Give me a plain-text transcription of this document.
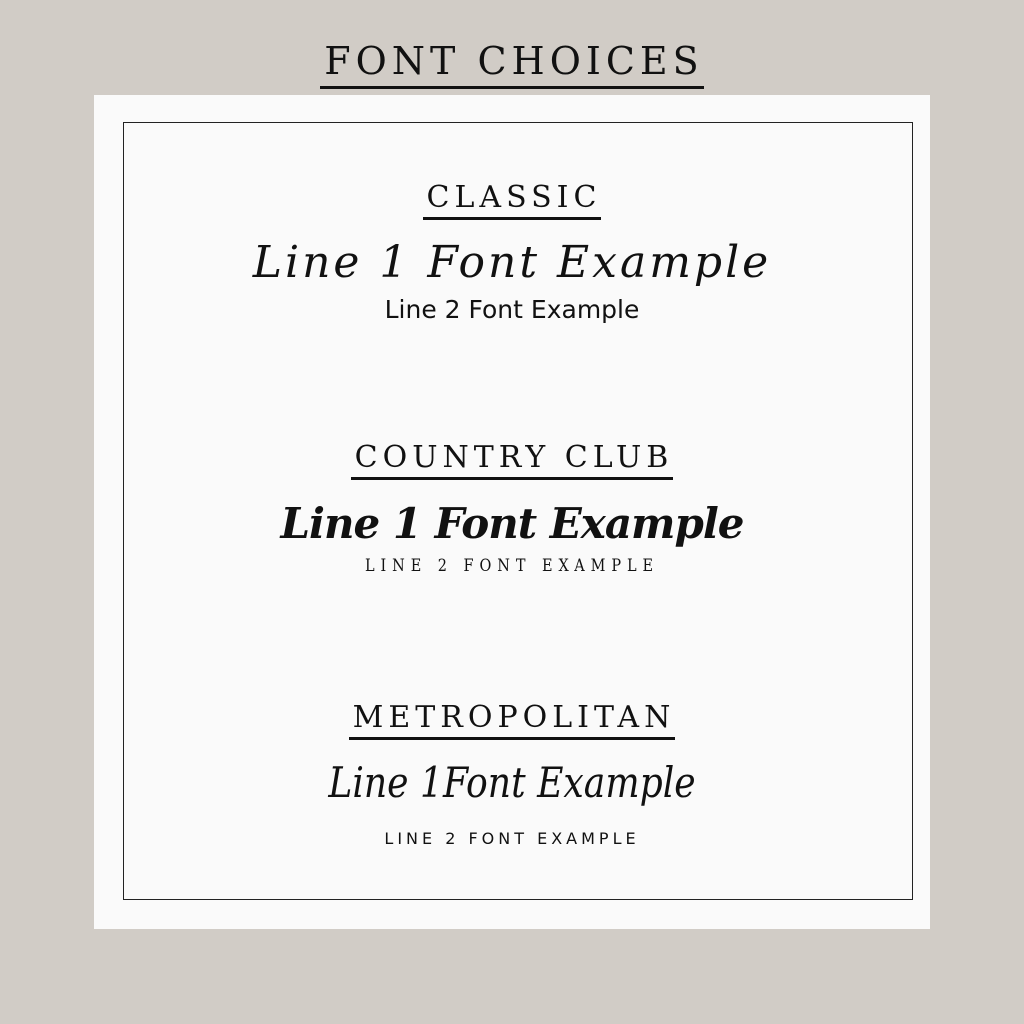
FONT CHOICES
CLASSIC
Line 1 Font Example
Line 2 Font Example
COUNTRY CLUB
Line 1 Font Example
LINE 2 FONT EXAMPLE
METROPOLITAN
Line 1Font Example
LINE 2 FONT EXAMPLE
